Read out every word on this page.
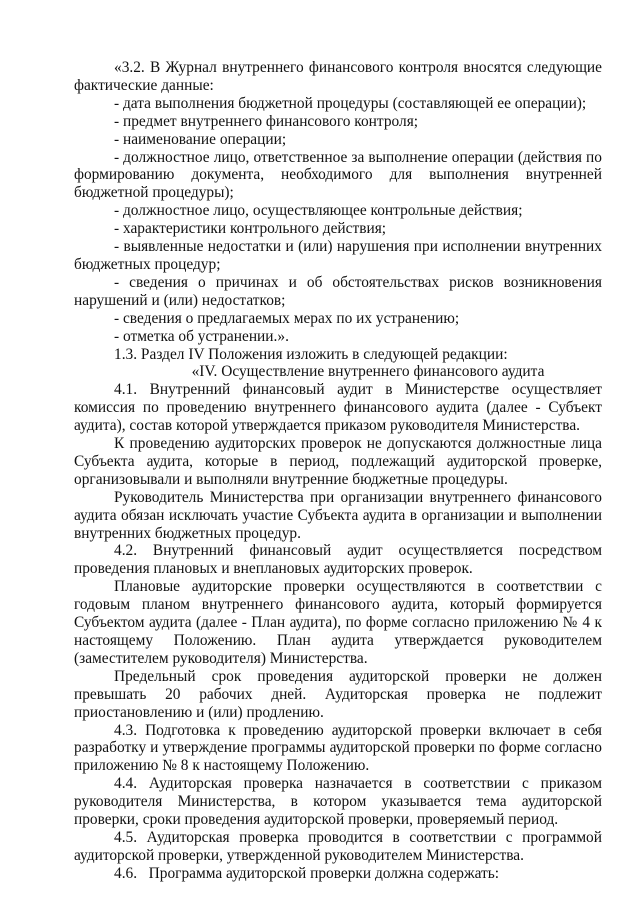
«3.2. В Журнал внутреннего финансового контроля вносятся следующие фактические данные:

- дата выполнения бюджетной процедуры (составляющей ее операции);

- предмет внутреннего финансового контроля;

- наименование операции;

- должностное лицо, ответственное за выполнение операции (действия по формированию документа, необходимого для выполнения внутренней бюджетной процедуры);

- должностное лицо, осуществляющее контрольные действия;

- характеристики контрольного действия;

- выявленные недостатки и (или) нарушения при исполнении внутренних бюджетных процедур;

- сведения о причинах и об обстоятельствах рисков возникновения нарушений и (или) недостатков;

- сведения о предлагаемых мерах по их устранению;

- отметка об устранении.».

1.3. Раздел IV Положения изложить в следующей редакции:

«IV. Осуществление внутреннего финансового аудита

4.1. Внутренний финансовый аудит в Министерстве осуществляет комиссия по проведению внутреннего финансового аудита (далее - Субъект аудита), состав которой утверждается приказом руководителя Министерства.

К проведению аудиторских проверок не допускаются должностные лица Субъекта аудита, которые в период, подлежащий аудиторской проверке, организовывали и выполняли внутренние бюджетные процедуры.

Руководитель Министерства при организации внутреннего финансового аудита обязан исключать участие Субъекта аудита в организации и выполнении внутренних бюджетных процедур.

4.2. Внутренний финансовый аудит осуществляется посредством проведения плановых и внеплановых аудиторских проверок.

Плановые аудиторские проверки осуществляются в соответствии с годовым планом внутреннего финансового аудита, который формируется Субъектом аудита (далее - План аудита), по форме согласно приложению № 4 к настоящему Положению. План аудита утверждается руководителем (заместителем руководителя) Министерства.

Предельный срок проведения аудиторской проверки не должен превышать 20 рабочих дней. Аудиторская проверка не подлежит приостановлению и (или) продлению.

4.3. Подготовка к проведению аудиторской проверки включает в себя разработку и утверждение программы аудиторской проверки по форме согласно приложению № 8 к настоящему Положению.

4.4. Аудиторская проверка назначается в соответствии с приказом руководителя Министерства, в котором указывается тема аудиторской проверки, сроки проведения аудиторской проверки, проверяемый период.

4.5. Аудиторская проверка проводится в соответствии с программой аудиторской проверки, утвержденной руководителем Министерства.

4.6.   Программа аудиторской проверки должна содержать:
